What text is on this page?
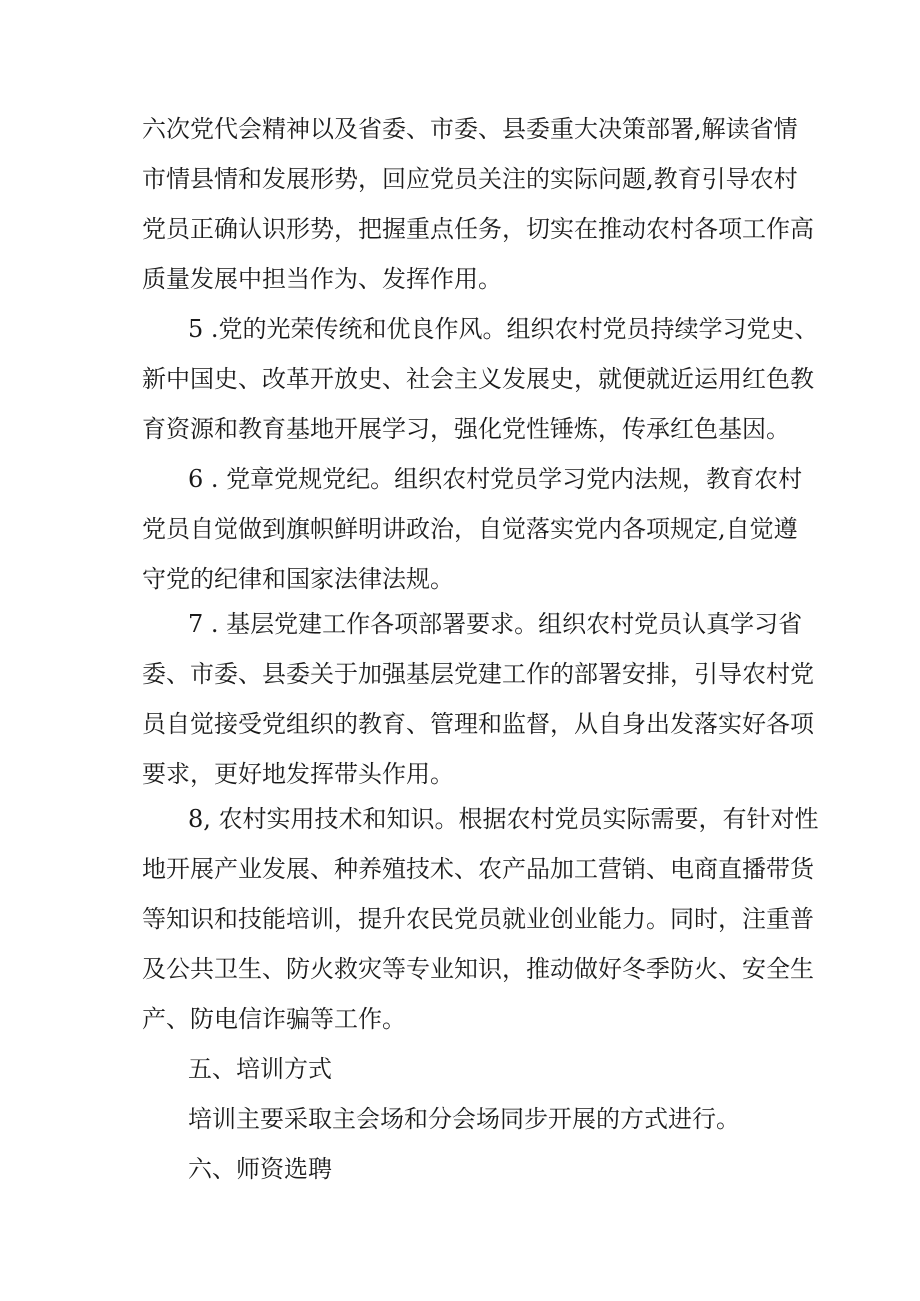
六次党代会精神以及省委、市委、县委重大决策部署,解读省情
市情县情和发展形势，回应党员关注的实际问题,教育引导农村
党员正确认识形势，把握重点任务，切实在推动农村各项工作高
质量发展中担当作为、发挥作用。
5 .党的光荣传统和优良作风。组织农村党员持续学习党史、
新中国史、改革开放史、社会主义发展史，就便就近运用红色教
育资源和教育基地开展学习，强化党性锤炼，传承红色基因。
6 . 党章党规党纪。组织农村党员学习党内法规，教育农村
党员自觉做到旗帜鲜明讲政治，自觉落实党内各项规定,自觉遵
守党的纪律和国家法律法规。
7 . 基层党建工作各项部署要求。组织农村党员认真学习省
委、市委、县委关于加强基层党建工作的部署安排，引导农村党
员自觉接受党组织的教育、管理和监督，从自身出发落实好各项
要求，更好地发挥带头作用。
8, 农村实用技术和知识。根据农村党员实际需要，有针对性
地开展产业发展、种养殖技术、农产品加工营销、电商直播带货
等知识和技能培训，提升农民党员就业创业能力。同时，注重普
及公共卫生、防火救灾等专业知识，推动做好冬季防火、安全生
产、防电信诈骗等工作。
五、培训方式
培训主要采取主会场和分会场同步开展的方式进行。
六、师资选聘
